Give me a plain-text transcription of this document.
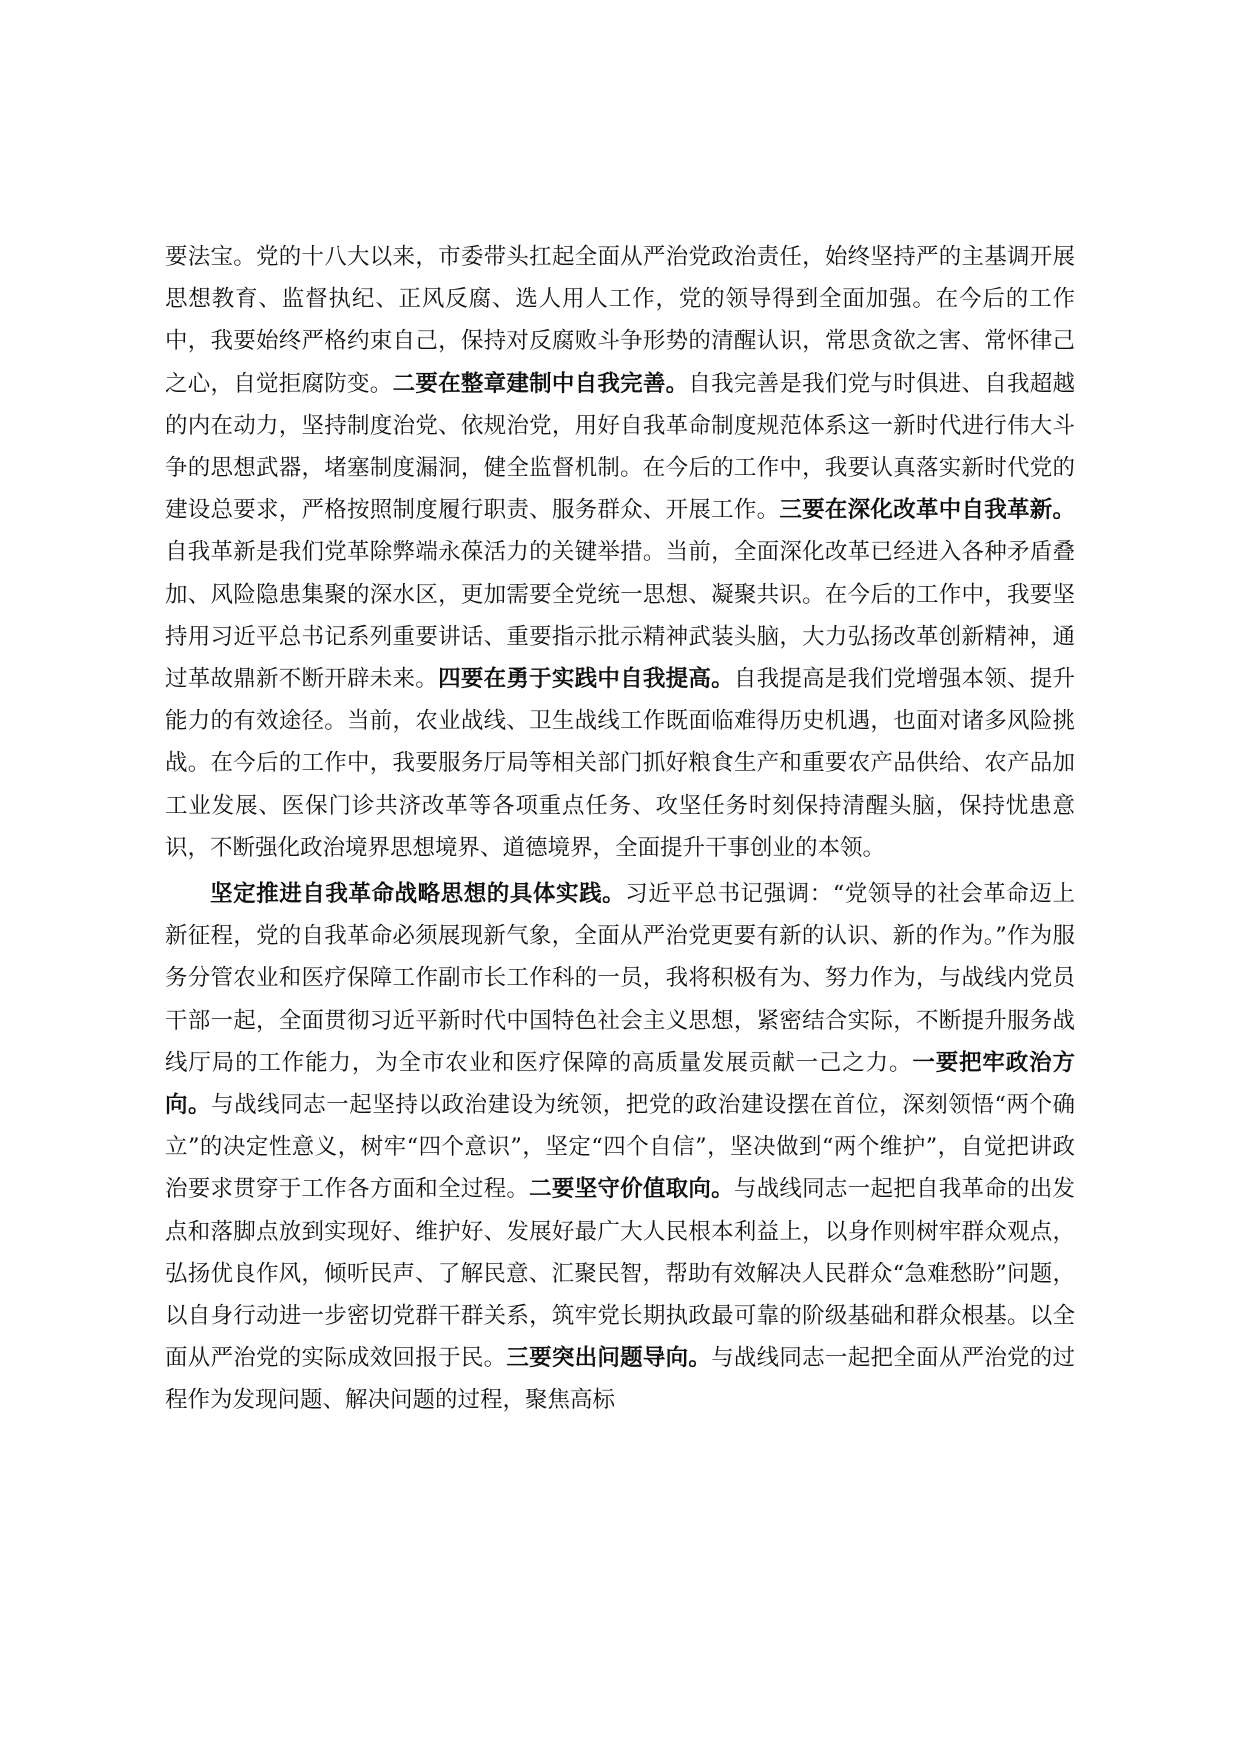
要法宝。党的十八大以来，市委带头扛起全面从严治党政治责任，始终坚持严的主基调开展思想教育、监督执纪、正风反腐、选人用人工作，党的领导得到全面加强。在今后的工作中，我要始终严格约束自己，保持对反腐败斗争形势的清醒认识，常思贪欲之害、常怀律己之心，自觉拒腐防变。二要在整章建制中自我完善。自我完善是我们党与时俱进、自我超越的内在动力，坚持制度治党、依规治党，用好自我革命制度规范体系这一新时代进行伟大斗争的思想武器，堵塞制度漏洞，健全监督机制。在今后的工作中，我要认真落实新时代党的建设总要求，严格按照制度履行职责、服务群众、开展工作。三要在深化改革中自我革新。自我革新是我们党革除弊端永葆活力的关键举措。当前，全面深化改革已经进入各种矛盾叠加、风险隐患集聚的深水区，更加需要全党统一思想、凝聚共识。在今后的工作中，我要坚持用习近平总书记系列重要讲话、重要指示批示精神武装头脑，大力弘扬改革创新精神，通过革故鼎新不断开辟未来。四要在勇于实践中自我提高。自我提高是我们党增强本领、提升能力的有效途径。当前，农业战线、卫生战线工作既面临难得历史机遇，也面对诸多风险挑战。在今后的工作中，我要服务厅局等相关部门抓好粮食生产和重要农产品供给、农产品加工业发展、医保门诊共济改革等各项重点任务、攻坚任务时刻保持清醒头脑，保持忧患意识，不断强化政治境界思想境界、道德境界，全面提升干事创业的本领。

坚定推进自我革命战略思想的具体实践。习近平总书记强调：“党领导的社会革命迈上新征程，党的自我革命必须展现新气象，全面从严治党更要有新的认识、新的作为。”作为服务分管农业和医疗保障工作副市长工作科的一员，我将积极有为、努力作为，与战线内党员干部一起，全面贯彻习近平新时代中国特色社会主义思想，紧密结合实际，不断提升服务战线厅局的工作能力，为全市农业和医疗保障的高质量发展贡献一己之力。一要把牢政治方向。与战线同志一起坚持以政治建设为统领，把党的政治建设摆在首位，深刻领悟“两个确立”的决定性意义，树牢“四个意识”，坚定“四个自信”，坚决做到“两个维护”，自觉把讲政治要求贯穿于工作各方面和全过程。二要坚守价值取向。与战线同志一起把自我革命的出发点和落脚点放到实现好、维护好、发展好最广大人民根本利益上，以身作则树牢群众观点，弘扬优良作风，倾听民声、了解民意、汇聚民智，帮助有效解决人民群众“急难愁盼”问题，以自身行动进一步密切党群干群关系，筑牢党长期执政最可靠的阶级基础和群众根基。以全面从严治党的实际成效回报于民。三要突出问题导向。与战线同志一起把全面从严治党的过程作为发现问题、解决问题的过程，聚焦高标
